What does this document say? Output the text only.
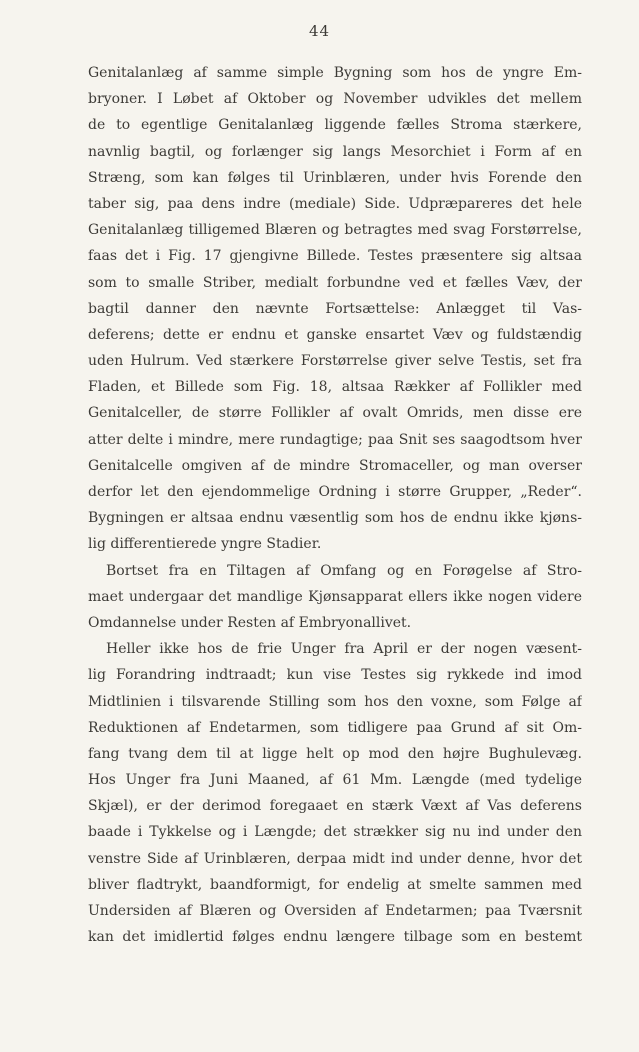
44
Genitalanlæg af samme simple Bygning som hos de yngre Em-
bryoner. I Løbet af Oktober og November udvikles det mellem
de to egentlige Genitalanlæg liggende fælles Stroma stærkere,
navnlig bagtil, og forlænger sig langs Mesorchiet i Form af en
Stræng, som kan følges til Urinblæren, under hvis Forende den
taber sig, paa dens indre (mediale) Side. Udpræpareres det hele
Genitalanlæg tilligemed Blæren og betragtes med svag Forstørrelse,
faas det i Fig. 17 gjengivne Billede. Testes præsentere sig altsaa
som to smalle Striber, medialt forbundne ved et fælles Væv, der
bagtil danner den nævnte Fortsættelse: Anlægget til Vas-
deferens; dette er endnu et ganske ensartet Væv og fuldstændig
uden Hulrum. Ved stærkere Forstørrelse giver selve Testis, set fra
Fladen, et Billede som Fig. 18, altsaa Rækker af Follikler med
Genitalceller, de større Follikler af ovalt Omrids, men disse ere
atter delte i mindre, mere rundagtige; paa Snit ses saagodtsom hver
Genitalcelle omgiven af de mindre Stromaceller, og man overser
derfor let den ejendommelige Ordning i større Grupper, „Reder“.
Bygningen er altsaa endnu væsentlig som hos de endnu ikke kjøns-
lig differentierede yngre Stadier.
Bortset fra en Tiltagen af Omfang og en Forøgelse af Stro-
maet undergaar det mandlige Kjønsapparat ellers ikke nogen videre
Omdannelse under Resten af Embryonallivet.
Heller ikke hos de frie Unger fra April er der nogen væsent-
lig Forandring indtraadt; kun vise Testes sig rykkede ind imod
Midtlinien i tilsvarende Stilling som hos den voxne, som Følge af
Reduktionen af Endetarmen, som tidligere paa Grund af sit Om-
fang tvang dem til at ligge helt op mod den højre Bughulevæg.
Hos Unger fra Juni Maaned, af 61 Mm. Længde (med tydelige
Skjæl), er der derimod foregaaet en stærk Væxt af Vas deferens
baade i Tykkelse og i Længde; det strækker sig nu ind under den
venstre Side af Urinblæren, derpaa midt ind under denne, hvor det
bliver fladtrykt, baandformigt, for endelig at smelte sammen med
Undersiden af Blæren og Oversiden af Endetarmen; paa Tværsnit
kan det imidlertid følges endnu længere tilbage som en bestemt
